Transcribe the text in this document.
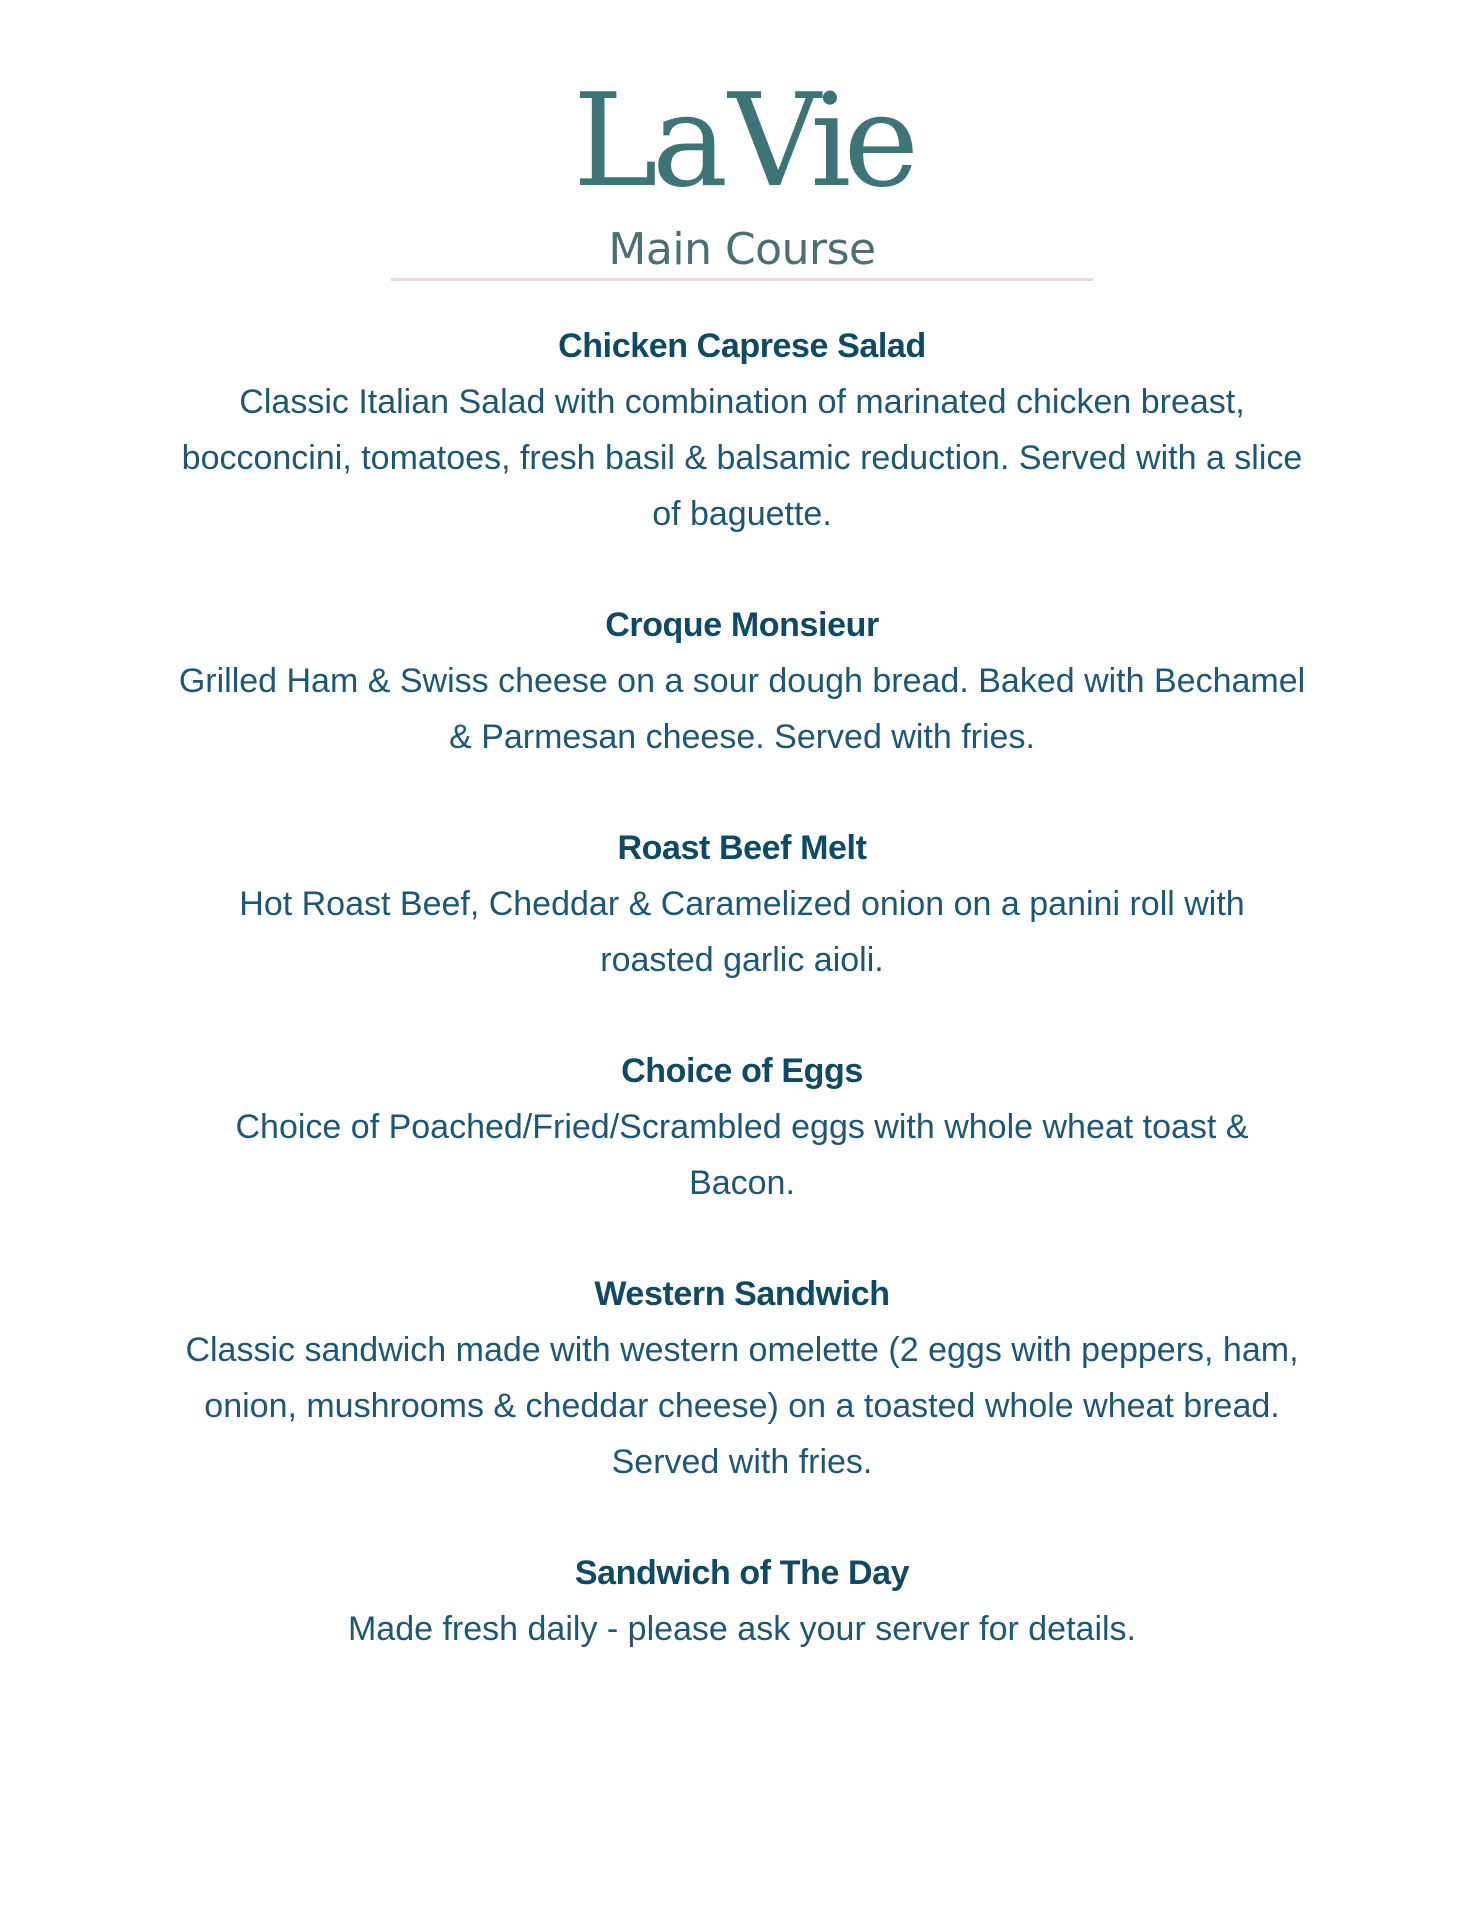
LaVie
Main Course
Chicken Caprese Salad
Classic Italian Salad with combination of marinated chicken breast, bocconcini, tomatoes, fresh basil & balsamic reduction. Served with a slice of baguette.
Croque Monsieur
Grilled Ham & Swiss cheese on a sour dough bread. Baked with Bechamel & Parmesan cheese. Served with fries.
Roast Beef Melt
Hot Roast Beef, Cheddar & Caramelized onion on a panini roll with roasted garlic aioli.
Choice of Eggs
Choice of Poached/Fried/Scrambled eggs with whole wheat toast & Bacon.
Western Sandwich
Classic sandwich made with western omelette (2 eggs with peppers, ham, onion, mushrooms & cheddar cheese) on a toasted whole wheat bread. Served with fries.
Sandwich of The Day
Made fresh daily - please ask your server for details.
